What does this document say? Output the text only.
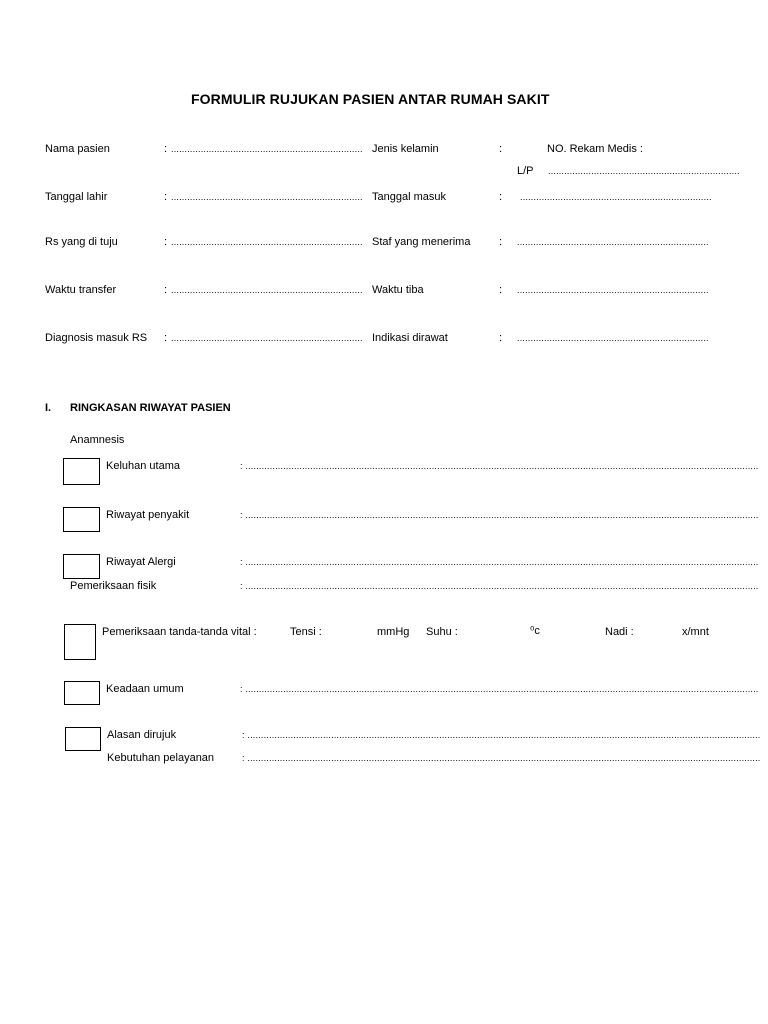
FORMULIR RUJUKAN PASIEN ANTAR RUMAH SAKIT
Nama pasien	: ....................................................................... Jenis kelamin	:	NO. Rekam Medis :
L/P .......................................................................
Tanggal lahir	: ....................................................................... Tanggal masuk	: .......................................................................
Rs yang di tuju	: ....................................................................... Staf yang menerima	: .......................................................................
Waktu transfer	: ....................................................................... Waktu tiba	: .......................................................................
Diagnosis masuk RS : ....................................................................... Indikasi dirawat	: .......................................................................
I. RINGKASAN RIWAYAT PASIEN
Anamnesis
Keluhan utama	: ..............................................................................................................................................................................................
Riwayat penyakit	: ..............................................................................................................................................................................................
Riwayat Alergi	: ..............................................................................................................................................................................................
Pemeriksaan fisik	: ..............................................................................................................................................................................................
Pemeriksaan tanda-tanda vital :	Tensi :	mmHg Suhu :	⁰c	Nadi :	x/mnt
Keadaan umum	: ..............................................................................................................................................................................................
Alasan dirujuk	: ..............................................................................................................................................................................................
Kebutuhan pelayanan	: ..............................................................................................................................................................................................
